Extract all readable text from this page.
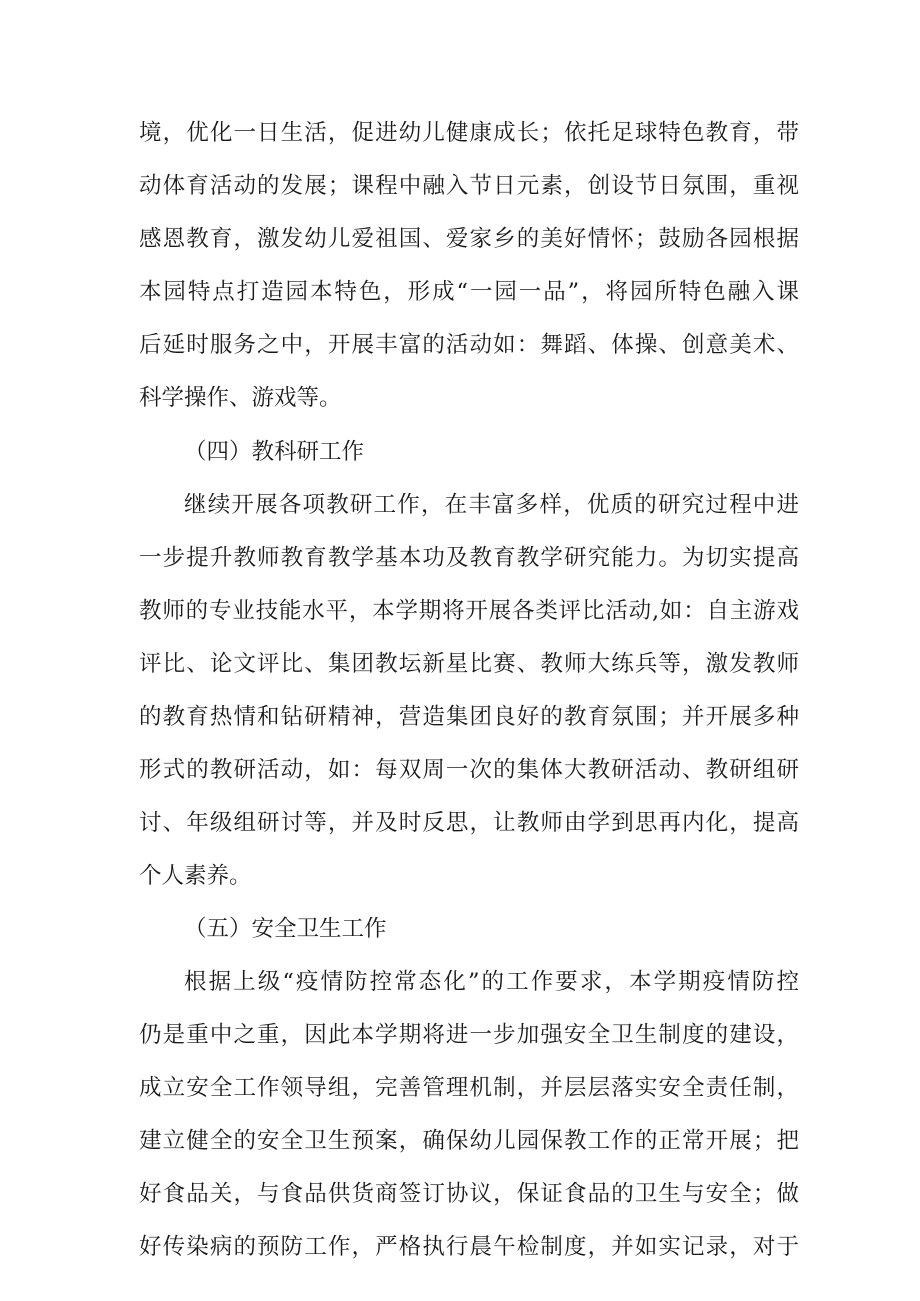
境，优化一日生活，促进幼儿健康成长；依托足球特色教育，带
动体育活动的发展；课程中融入节日元素，创设节日氛围，重视
感恩教育，激发幼儿爱祖国、爱家乡的美好情怀；鼓励各园根据
本园特点打造园本特色，形成“一园一品”，将园所特色融入课
后延时服务之中，开展丰富的活动如：舞蹈、体操、创意美术、
科学操作、游戏等。
（四）教科研工作
继续开展各项教研工作，在丰富多样，优质的研究过程中进
一步提升教师教育教学基本功及教育教学研究能力。为切实提高
教师的专业技能水平，本学期将开展各类评比活动,如：自主游戏
评比、论文评比、集团教坛新星比赛、教师大练兵等，激发教师
的教育热情和钻研精神，营造集团良好的教育氛围；并开展多种
形式的教研活动，如：每双周一次的集体大教研活动、教研组研
讨、年级组研讨等，并及时反思，让教师由学到思再内化，提高
个人素养。
（五）安全卫生工作
根据上级“疫情防控常态化”的工作要求，本学期疫情防控
仍是重中之重，因此本学期将进一步加强安全卫生制度的建设，
成立安全工作领导组，完善管理机制，并层层落实安全责任制，
建立健全的安全卫生预案，确保幼儿园保教工作的正常开展；把
好食品关，与食品供货商签订协议，保证食品的卫生与安全；做
好传染病的预防工作，严格执行晨午检制度，并如实记录，对于
